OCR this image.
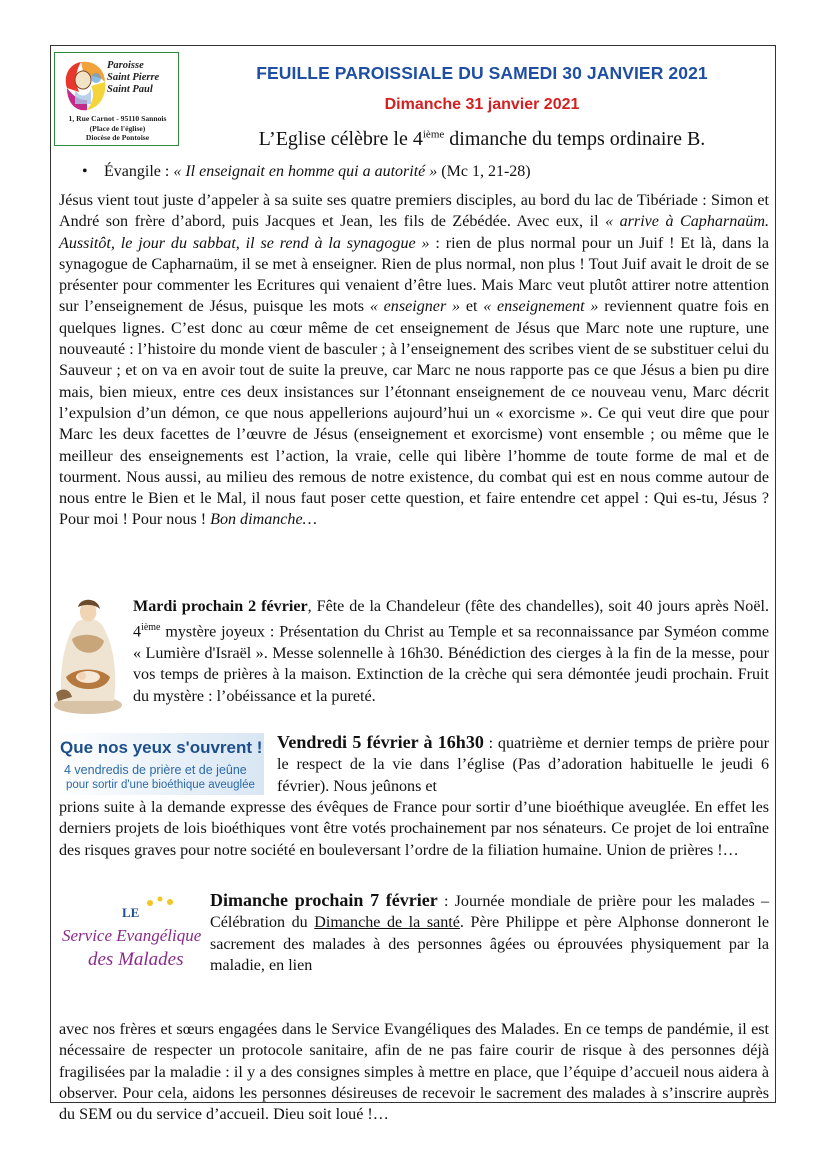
Paroisse
Saint Pierre
Saint Paul
1, Rue Carnot - 95110 Sannois
(Place de l'église)
Diocèse de Pontoise
FEUILLE PAROISSIALE DU SAMEDI 30 JANVIER 2021
Dimanche 31 janvier 2021
L’Eglise célèbre le 4ième dimanche du temps ordinaire B.
• Évangile : « Il enseignait en homme qui a autorité » (Mc 1, 21-28)

Jésus vient tout juste d’appeler à sa suite ses quatre premiers disciples, au bord du lac de Tibériade : Simon et André son frère d’abord, puis Jacques et Jean, les fils de Zébédée. Avec eux, il « arrive à Capharnaüm. Aussitôt, le jour du sabbat, il se rend à la synagogue » : rien de plus normal pour un Juif ! Et là, dans la synagogue de Capharnaüm, il se met à enseigner. Rien de plus normal, non plus ! Tout Juif avait le droit de se présenter pour commenter les Ecritures qui venaient d’être lues. Mais Marc veut plutôt attirer notre attention sur l’enseignement de Jésus, puisque les mots « enseigner » et « enseignement » reviennent quatre fois en quelques lignes. C’est donc au cœur même de cet enseignement de Jésus que Marc note une rupture, une nouveauté : l’histoire du monde vient de basculer ; à l’enseignement des scribes vient de se substituer celui du Sauveur ; et on va en avoir tout de suite la preuve, car Marc ne nous rapporte pas ce que Jésus a bien pu dire mais, bien mieux, entre ces deux insistances sur l’étonnant enseignement de ce nouveau venu, Marc décrit l’expulsion d’un démon, ce que nous appellerions aujourd’hui un « exorcisme ». Ce qui veut dire que pour Marc les deux facettes de l’œuvre de Jésus (enseignement et exorcisme) vont ensemble ; ou même que le meilleur des enseignements est l’action, la vraie, celle qui libère l’homme de toute forme de mal et de tourment. Nous aussi, au milieu des remous de notre existence, du combat qui est en nous comme autour de nous entre le Bien et le Mal, il nous faut poser cette question, et faire entendre cet appel : Qui es-tu, Jésus ? Pour moi ! Pour nous ! Bon dimanche…

Mardi prochain 2 février, Fête de la Chandeleur (fête des chandelles), soit 40 jours après Noël. 4ième mystère joyeux : Présentation du Christ au Temple et sa reconnaissance par Syméon comme « Lumière d'Israël ». Messe solennelle à 16h30. Bénédiction des cierges à la fin de la messe, pour vos temps de prières à la maison. Extinction de la crèche qui sera démontée jeudi prochain. Fruit du mystère : l’obéissance et la pureté.
Que nos yeux s'ouvrent !
4 vendredis de prière et de jeûne
pour sortir d'une bioéthique aveuglée
Vendredi 5 février à 16h30 : quatrième et dernier temps de prière pour le respect de la vie dans l’église (Pas d’adoration habituelle le jeudi 6 février). Nous jeûnons et
prions suite à la demande expresse des évêques de France pour sortir d’une bioéthique aveuglée. En effet les derniers projets de lois bioéthiques vont être votés prochainement par nos sénateurs. Ce projet de loi entraîne des risques graves pour notre société en bouleversant l’ordre de la filiation humaine. Union de prières !…
LE
Service Evangélique
des Malades
Dimanche prochain 7 février : Journée mondiale de prière pour les malades – Célébration du Dimanche de la santé. Père Philippe et père Alphonse donneront le sacrement des malades à des personnes âgées ou éprouvées physiquement par la maladie, en lien
avec nos frères et sœurs engagées dans le Service Evangéliques des Malades. En ce temps de pandémie, il est nécessaire de respecter un protocole sanitaire, afin de ne pas faire courir de risque à des personnes déjà fragilisées par la maladie : il y a des consignes simples à mettre en place, que l’équipe d’accueil nous aidera à observer. Pour cela, aidons les personnes désireuses de recevoir le sacrement des malades à s’inscrire auprès du SEM ou du service d’accueil. Dieu soit loué !…
